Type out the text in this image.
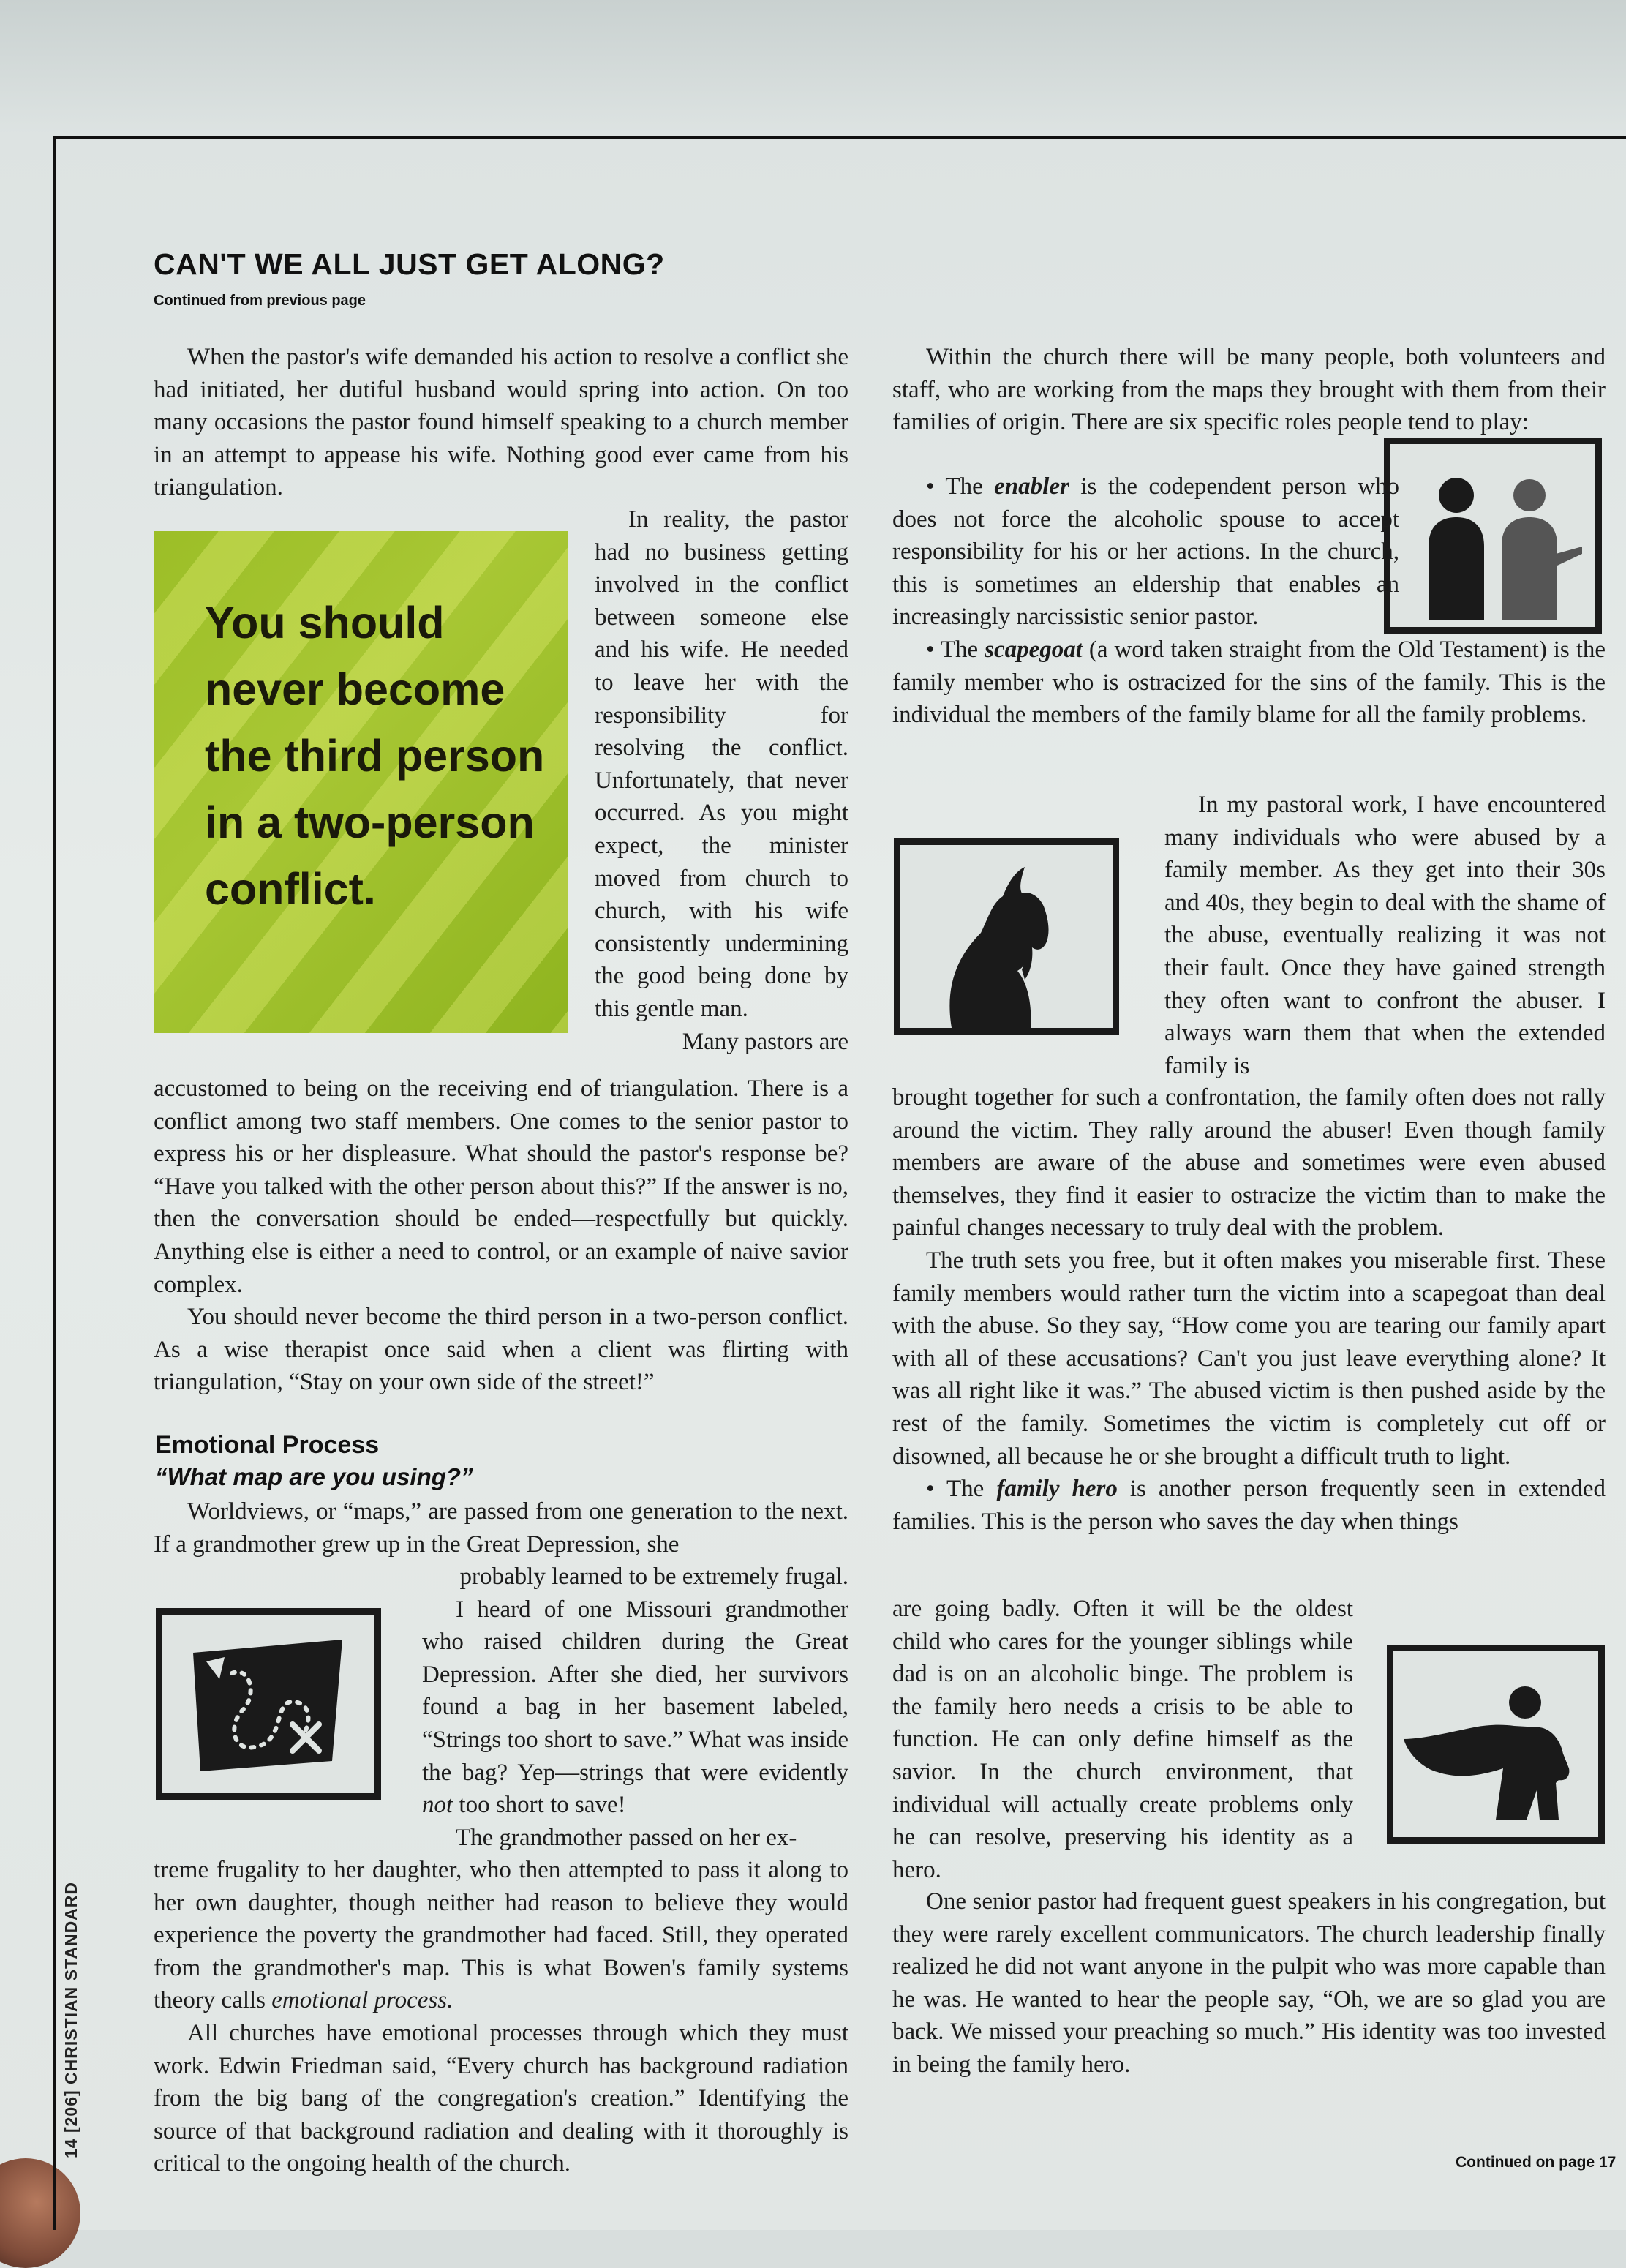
CAN'T WE ALL JUST GET ALONG?

Continued from previous page

When the pastor's wife demanded his action to resolve a conflict she had initiated, her dutiful husband would spring into action. On too many occasions the pastor found himself speaking to a church member in an attempt to appease his wife. Nothing good ever came from his triangulation.

You should never become the third person in a two-person conflict.

In reality, the pastor had no business getting involved in the conflict between someone else and his wife. He needed to leave her with the responsibility for resolving the conflict. Unfortunately, that never occurred. As you might expect, the minister moved from church to church, with his wife consistently undermining the good being done by this gentle man.

Many pastors are

accustomed to being on the receiving end of triangulation. There is a conflict among two staff members. One comes to the senior pastor to express his or her displeasure. What should the pastor's response be? “Have you talked with the other person about this?” If the answer is no, then the conversation should be ended—respectfully but quickly. Anything else is either a need to control, or an example of naive savior complex.

You should never become the third person in a two-person conflict. As a wise therapist once said when a client was flirting with triangulation, “Stay on your own side of the street!”

Emotional Process
“What map are you using?”

Worldviews, or “maps,” are passed from one generation to the next. If a grandmother grew up in the Great Depression, she

probably learned to be extremely frugal.

I heard of one Missouri grandmother who raised children during the Great Depression. After she died, her survivors found a bag in her basement labeled, “Strings too short to save.” What was inside the bag? Yep—strings that were evidently not too short to save!

The grandmother passed on her ex-

treme frugality to her daughter, who then attempted to pass it along to her own daughter, though neither had reason to believe they would experience the poverty the grandmother had faced. Still, they operated from the grandmother's map. This is what Bowen's family systems theory calls emotional process.

All churches have emotional processes through which they must work. Edwin Friedman said, “Every church has background radiation from the big bang of the congregation's creation.” Identifying the source of that background radiation and dealing with it thoroughly is critical to the ongoing health of the church.

Within the church there will be many people, both volunteers and staff, who are working from the maps they brought with them from their families of origin. There are six specific roles people tend to play:

• The enabler is the codependent person who does not force the alcoholic spouse to accept responsibility for his or her actions. In the church, this is sometimes an eldership that enables an increasingly narcissistic senior pastor.

• The scapegoat (a word taken straight from the Old Testament) is the family member who is ostracized for the sins of the family. This is the individual the members of the family blame for all the family problems.

In my pastoral work, I have encountered many individuals who were abused by a family member. As they get into their 30s and 40s, they begin to deal with the shame of the abuse, eventually realizing it was not their fault. Once they have gained strength they often want to confront the abuser. I always warn them that when the extended family is

brought together for such a confrontation, the family often does not rally around the victim. They rally around the abuser! Even though family members are aware of the abuse and sometimes were even abused themselves, they find it easier to ostracize the victim than to make the painful changes necessary to truly deal with the problem.

The truth sets you free, but it often makes you miserable first. These family members would rather turn the victim into a scapegoat than deal with the abuse. So they say, “How come you are tearing our family apart with all of these accusations? Can't you just leave everything alone? It was all right like it was.” The abused victim is then pushed aside by the rest of the family. Sometimes the victim is completely cut off or disowned, all because he or she brought a difficult truth to light.

• The family hero is another person frequently seen in extended families. This is the person who saves the day when things

are going badly. Often it will be the oldest child who cares for the younger siblings while dad is on an alcoholic binge. The problem is the family hero needs a crisis to be able to function. He can only define himself as the savior. In the church environment, that individual will actually create problems only he can resolve, preserving his identity as a hero.

One senior pastor had frequent guest speakers in his congregation, but they were rarely excellent communicators. The church leadership finally realized he did not want anyone in the pulpit who was more capable than he was. He wanted to hear the people say, “Oh, we are so glad you are back. We missed your preaching so much.” His identity was too invested in being the family hero.

Continued on page 17
14 [206] CHRISTIAN STANDARD
